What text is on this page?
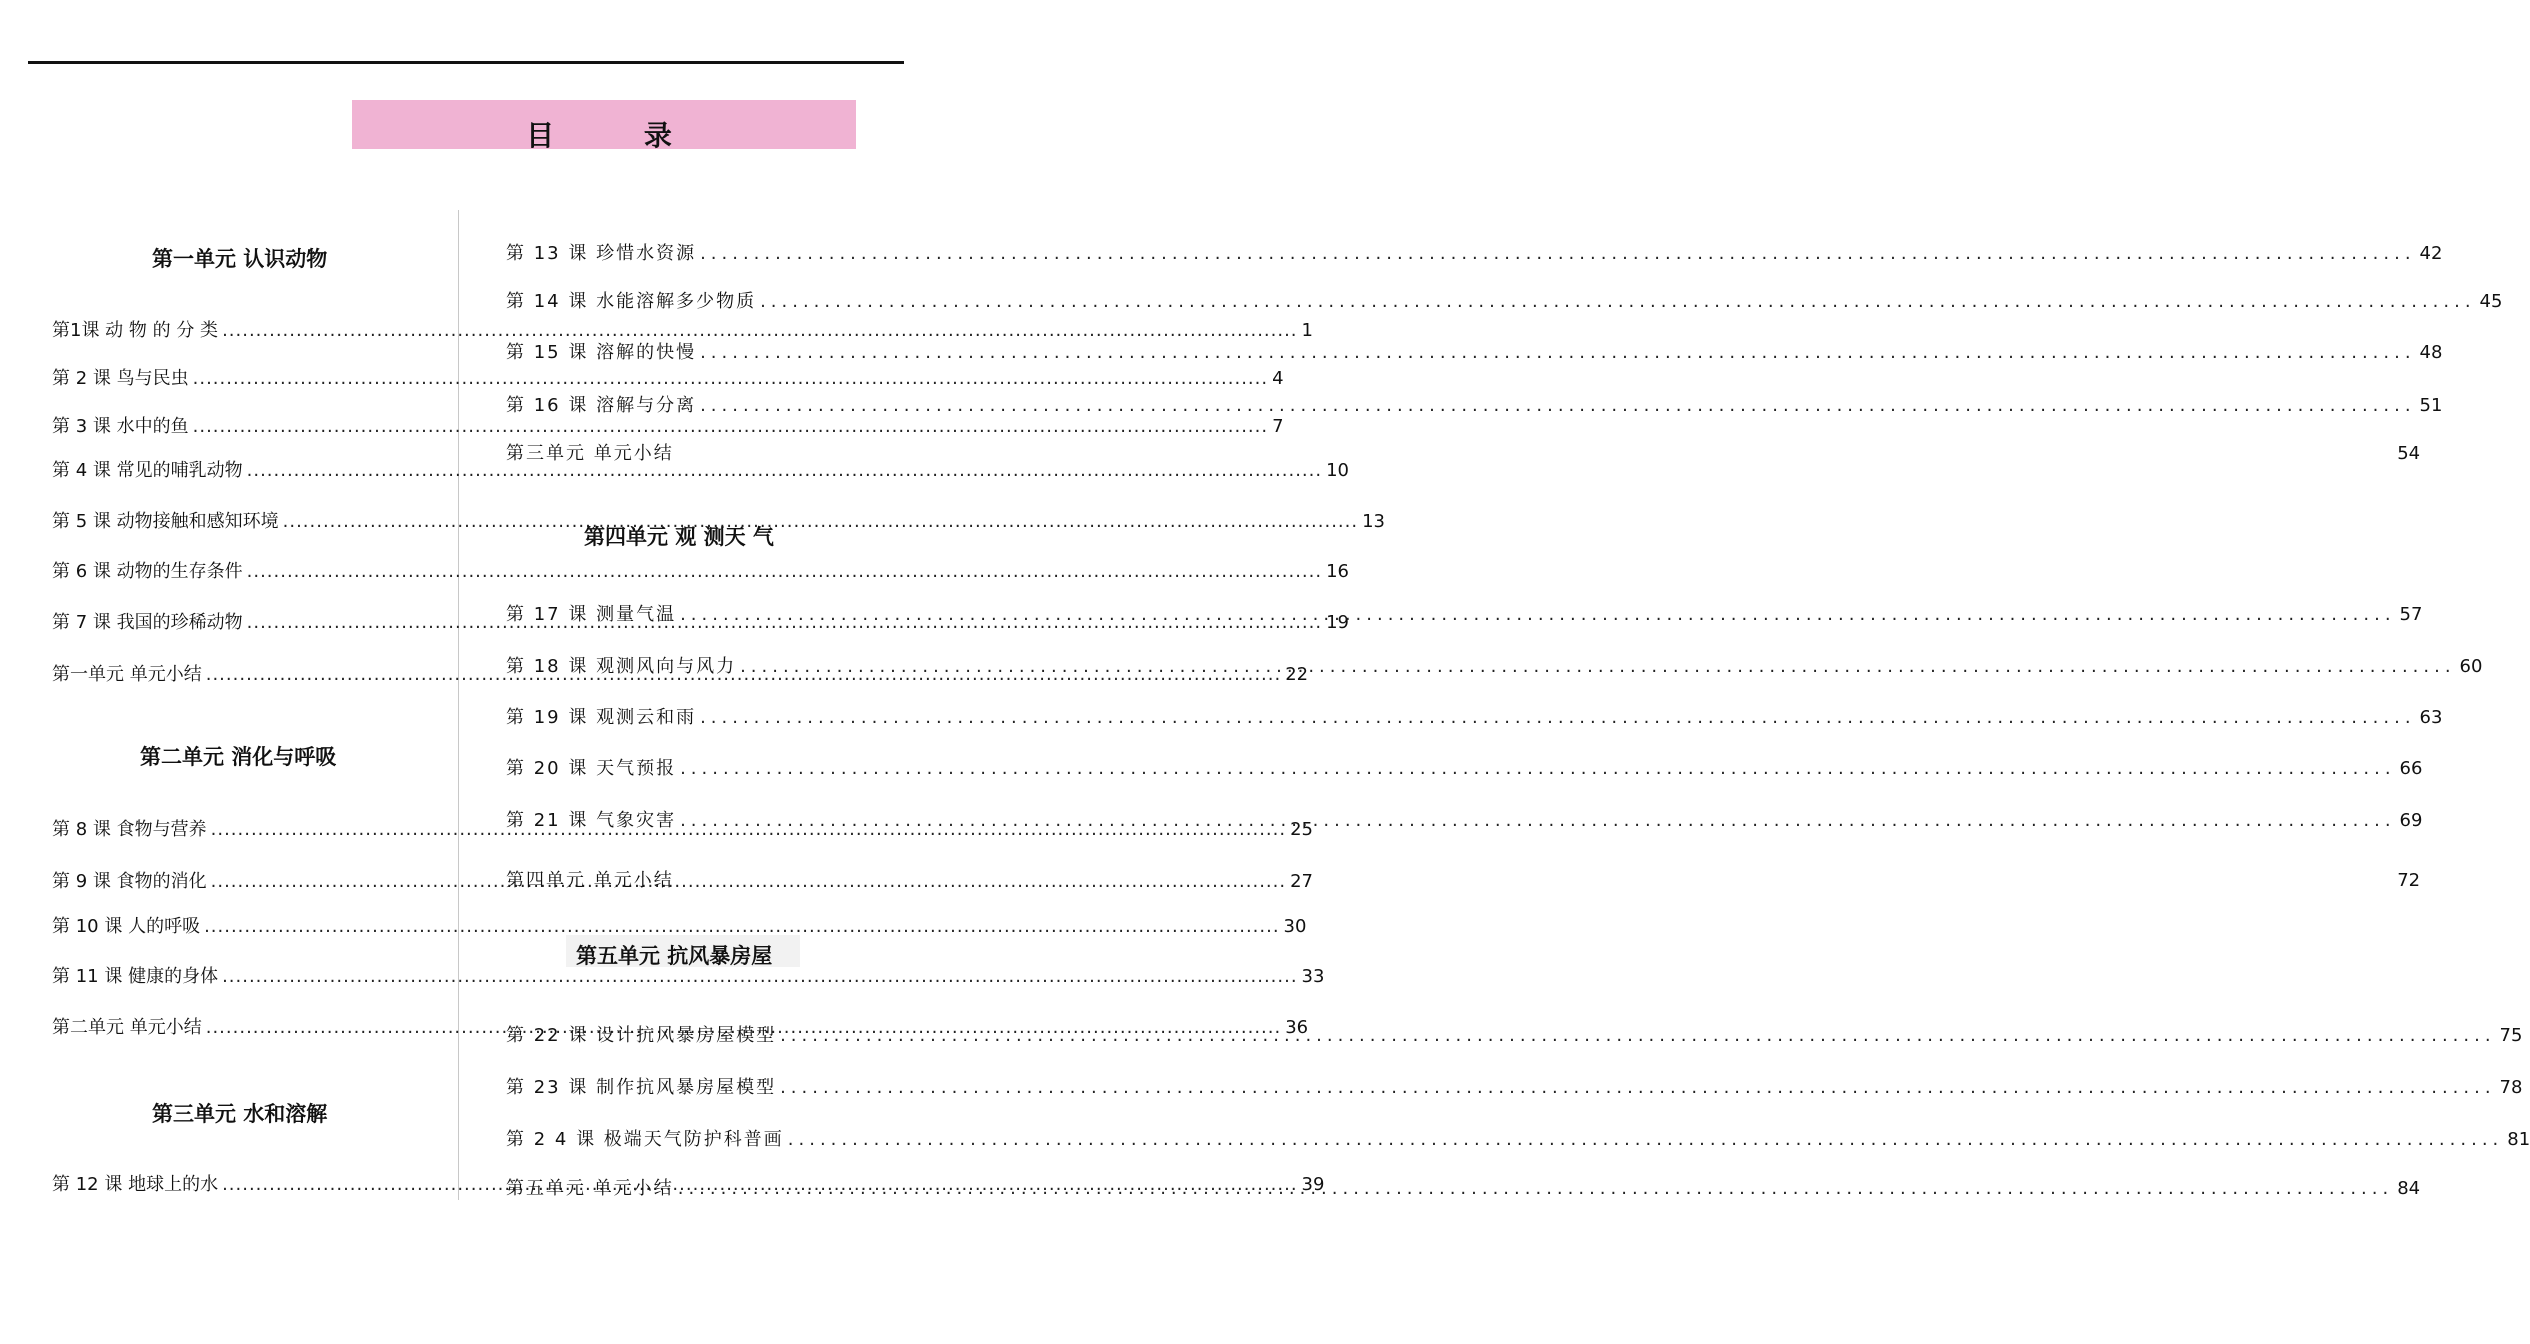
目 录
第一单元 认识动物
第1课 动 物 的 分 类 .....	1
第 2 课 鸟与民虫 .....	4
第 3 课 水中的鱼 .....	7
第 4 课 常见的哺乳动物 .....	10
第 5 课 动物接触和感知环境 .....	13
第 6 课 动物的生存条件 .....	16
第 7 课 我国的珍稀动物 .....	19
第一单元 单元小结 .....	22
第二单元 消化与呼吸
第 8 课 食物与营养 .....	25
第 9 课 食物的消化 .....	27
第 10 课 人的呼吸 .....	30
第 11 课 健康的身体 .....	33
第二单元 单元小结 .....	36
第三单元 水和溶解
第 12 课 地球上的水 .....	39
第 13 课 珍惜水资源 .....	42
第 14 课 水能溶解多少物质 .....	45
第 15 课 溶解的快慢 .....	48
第 16 课 溶解与分离 .....	51
第三单元 单元小结	54
第四单元 观 测天 气
第 17 课 测量气温 .....	57
第 18 课 观测风向与风力 .....	60
第 19 课 观测云和雨 .....	63
第 20 课 天气预报 .....	66
第 21 课 气象灾害 .....	69
第四单元 单元小结	72
第五单元 抗风暴房屋
第 22 课 设计抗风暴房屋模型 .....	75
第 23 课 制作抗风暴房屋模型 .....	78
第 2 4 课 极端天气防护科普画 .....	81
第五单元 单元小结 .....	84
